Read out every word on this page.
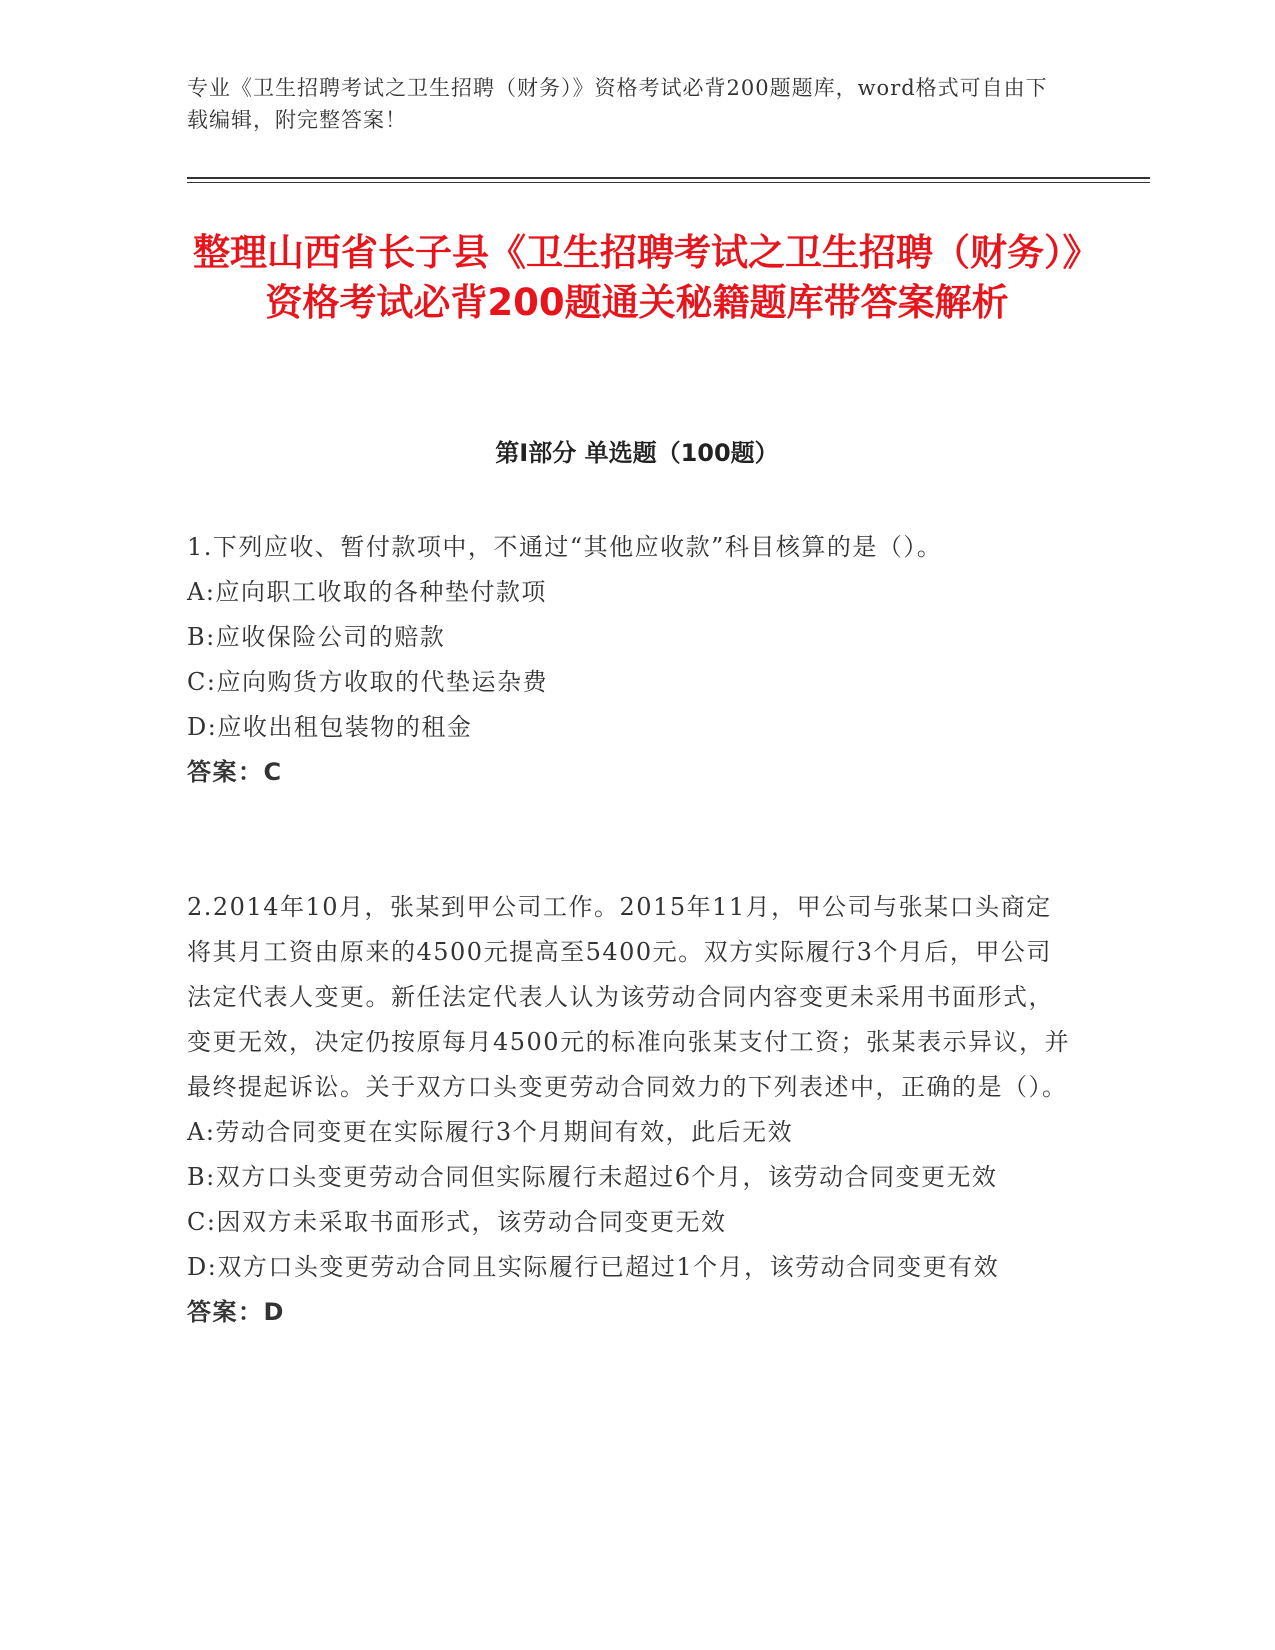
专业《卫生招聘考试之卫生招聘（财务）》资格考试必背200题题库，word格式可自由下载编辑，附完整答案！
整理山西省长子县《卫生招聘考试之卫生招聘（财务）》资格考试必背200题通关秘籍题库带答案解析
第I部分 单选题（100题）

1.下列应收、暂付款项中，不通过“其他应收款”科目核算的是（）。

A:应向职工收取的各种垫付款项

B:应收保险公司的赔款

C:应向购货方收取的代垫运杂费

D:应收出租包装物的租金

答案：C

2.2014年10月，张某到甲公司工作。2015年11月，甲公司与张某口头商定将其月工资由原来的4500元提高至5400元。双方实际履行3个月后，甲公司法定代表人变更。新任法定代表人认为该劳动合同内容变更未采用书面形式，变更无效，决定仍按原每月4500元的标准向张某支付工资；张某表示异议，并最终提起诉讼。关于双方口头变更劳动合同效力的下列表述中，正确的是（）。

A:劳动合同变更在实际履行3个月期间有效，此后无效

B:双方口头变更劳动合同但实际履行未超过6个月，该劳动合同变更无效

C:因双方未采取书面形式，该劳动合同变更无效

D:双方口头变更劳动合同且实际履行已超过1个月，该劳动合同变更有效

答案：D
